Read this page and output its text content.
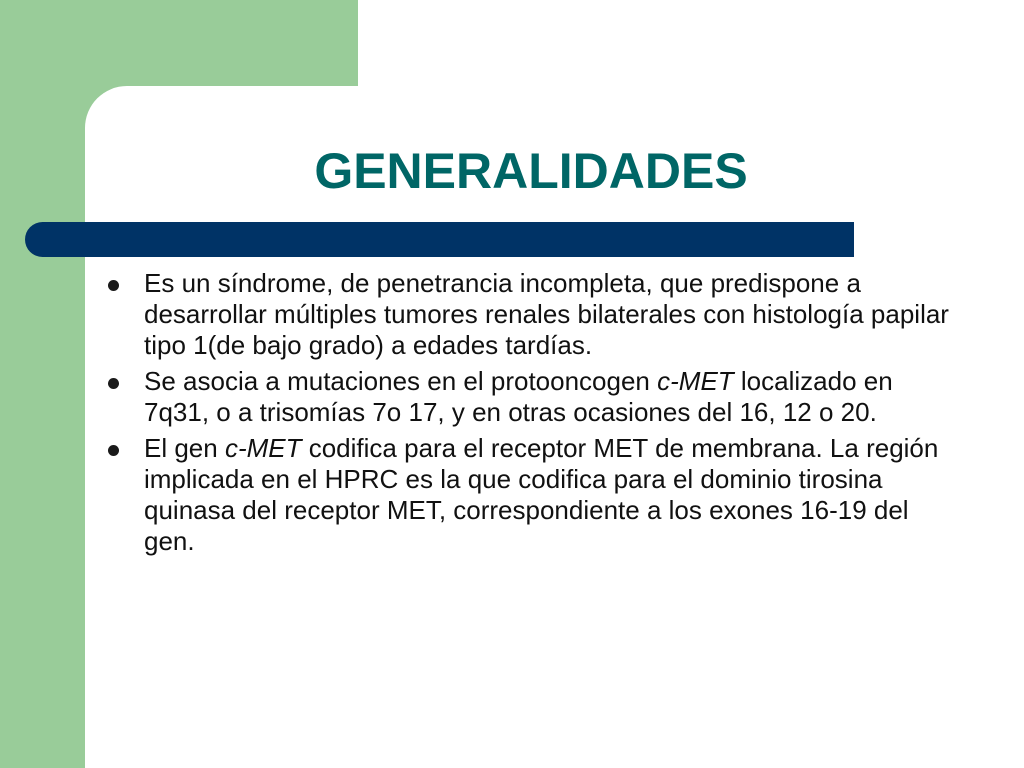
GENERALIDADES
Es un síndrome, de penetrancia incompleta, que predispone a desarrollar múltiples tumores renales bilaterales con histología papilar tipo 1(de bajo grado) a edades tardías.
Se asocia a mutaciones en el protooncogen c-MET localizado en 7q31, o a trisomías 7o 17, y en otras ocasiones del 16, 12 o 20.
El gen c-MET codifica para el receptor MET de membrana. La región implicada en el HPRC es la que codifica para el dominio tirosina quinasa del receptor MET, correspondiente a los exones 16-19 del gen.
